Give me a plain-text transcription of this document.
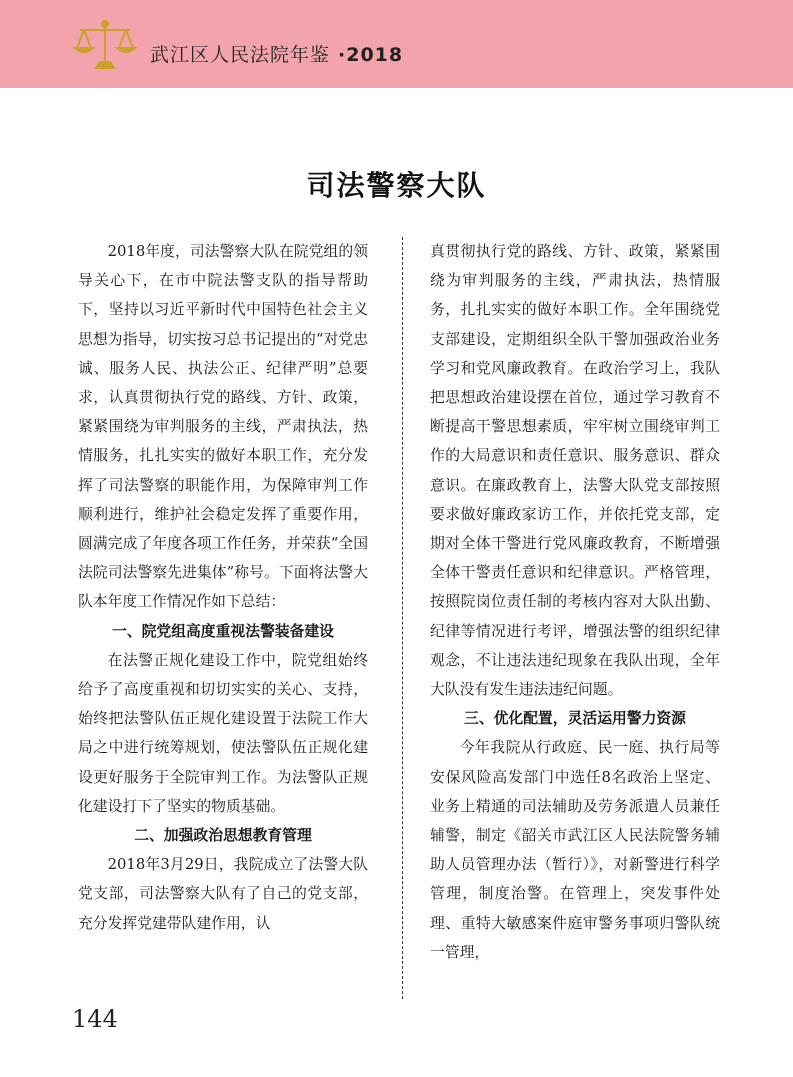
武江区人民法院年鉴 ·2018
司法警察大队

2018年度，司法警察大队在院党组的领导关心下，在市中院法警支队的指导帮助下，坚持以习近平新时代中国特色社会主义思想为指导，切实按习总书记提出的“对党忠诚、服务人民、执法公正、纪律严明”总要求，认真贯彻执行党的路线、方针、政策，紧紧围绕为审判服务的主线，严肃执法，热情服务，扎扎实实的做好本职工作，充分发挥了司法警察的职能作用，为保障审判工作顺利进行，维护社会稳定发挥了重要作用，圆满完成了年度各项工作任务，并荣获“全国法院司法警察先进集体”称号。下面将法警大队本年度工作情况作如下总结：

一、院党组高度重视法警装备建设

在法警正规化建设工作中，院党组始终给予了高度重视和切切实实的关心、支持，始终把法警队伍正规化建设置于法院工作大局之中进行统筹规划，使法警队伍正规化建设更好服务于全院审判工作。为法警队正规化建设打下了坚实的物质基础。

二、加强政治思想教育管理

2018年3月29日，我院成立了法警大队党支部，司法警察大队有了自己的党支部，充分发挥党建带队建作用，认

真贯彻执行党的路线、方针、政策，紧紧围绕为审判服务的主线，严肃执法，热情服务，扎扎实实的做好本职工作。全年围绕党支部建设，定期组织全队干警加强政治业务学习和党风廉政教育。在政治学习上，我队把思想政治建设摆在首位，通过学习教育不断提高干警思想素质，牢牢树立围绕审判工作的大局意识和责任意识、服务意识、群众意识。在廉政教育上，法警大队党支部按照要求做好廉政家访工作，并依托党支部，定期对全体干警进行党风廉政教育，不断增强全体干警责任意识和纪律意识。严格管理，按照院岗位责任制的考核内容对大队出勤、纪律等情况进行考评，增强法警的组织纪律观念，不让违法违纪现象在我队出现，全年大队没有发生违法违纪问题。

三、优化配置，灵活运用警力资源

今年我院从行政庭、民一庭、执行局等安保风险高发部门中选任8名政治上坚定、业务上精通的司法辅助及劳务派遣人员兼任辅警，制定《韶关市武江区人民法院警务辅助人员管理办法（暂行）》，对新警进行科学管理，制度治警。在管理上，突发事件处理、重特大敏感案件庭审警务事项归警队统一管理，

144
